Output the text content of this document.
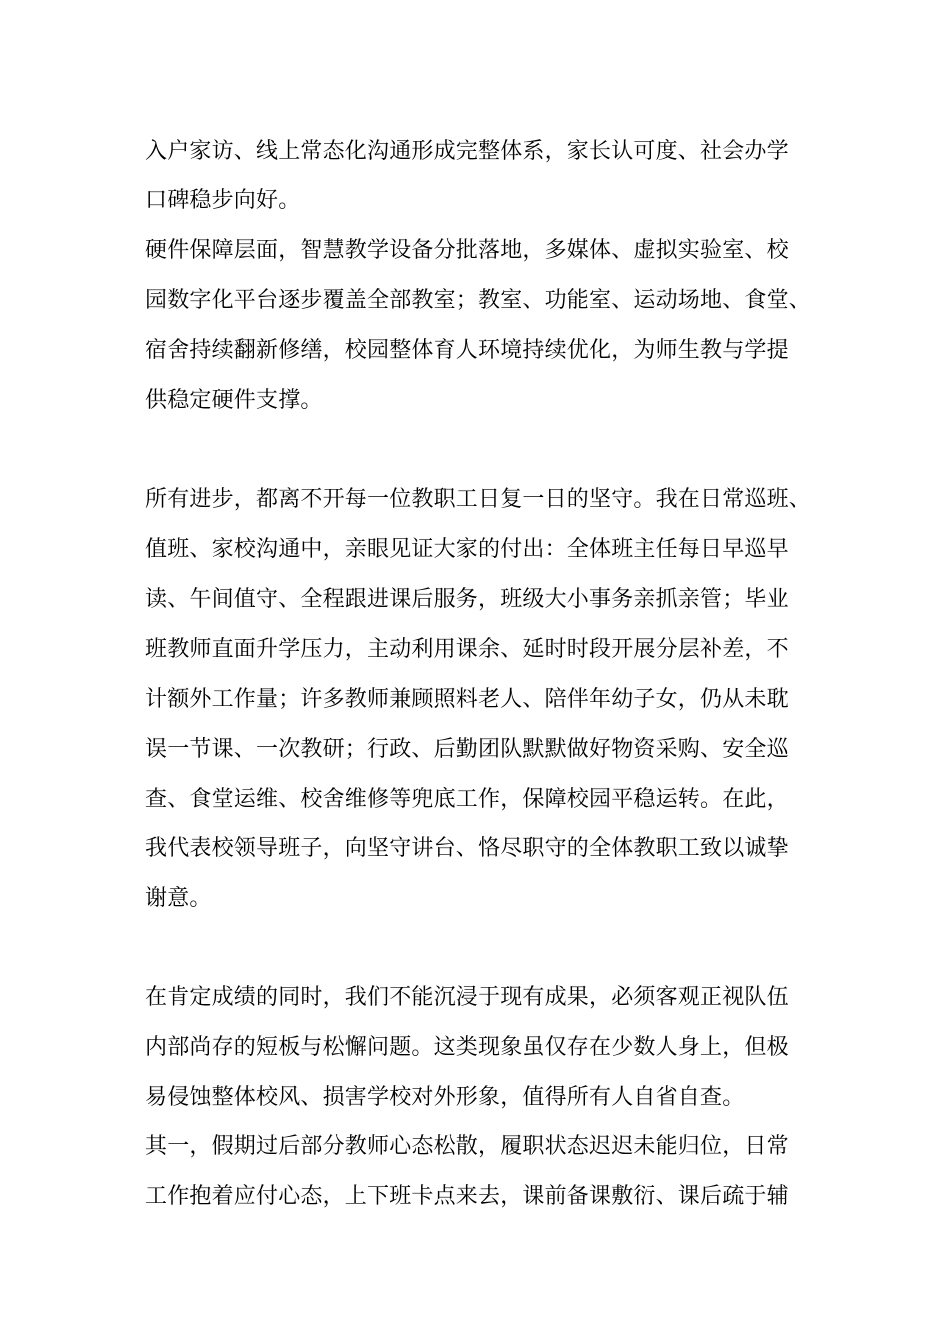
入户家访、线上常态化沟通形成完整体系，家长认可度、社会办学
口碑稳步向好。
硬件保障层面，智慧教学设备分批落地，多媒体、虚拟实验室、校
园数字化平台逐步覆盖全部教室；教室、功能室、运动场地、食堂、
宿舍持续翻新修缮，校园整体育人环境持续优化，为师生教与学提
供稳定硬件支撑。
所有进步，都离不开每一位教职工日复一日的坚守。我在日常巡班、
值班、家校沟通中，亲眼见证大家的付出：全体班主任每日早巡早
读、午间值守、全程跟进课后服务，班级大小事务亲抓亲管；毕业
班教师直面升学压力，主动利用课余、延时时段开展分层补差，不
计额外工作量；许多教师兼顾照料老人、陪伴年幼子女，仍从未耽
误一节课、一次教研；行政、后勤团队默默做好物资采购、安全巡
查、食堂运维、校舍维修等兜底工作，保障校园平稳运转。在此，
我代表校领导班子，向坚守讲台、恪尽职守的全体教职工致以诚挚
谢意。
在肯定成绩的同时，我们不能沉浸于现有成果，必须客观正视队伍
内部尚存的短板与松懈问题。这类现象虽仅存在少数人身上，但极
易侵蚀整体校风、损害学校对外形象，值得所有人自省自查。
其一，假期过后部分教师心态松散，履职状态迟迟未能归位，日常
工作抱着应付心态，上下班卡点来去，课前备课敷衍、课后疏于辅
